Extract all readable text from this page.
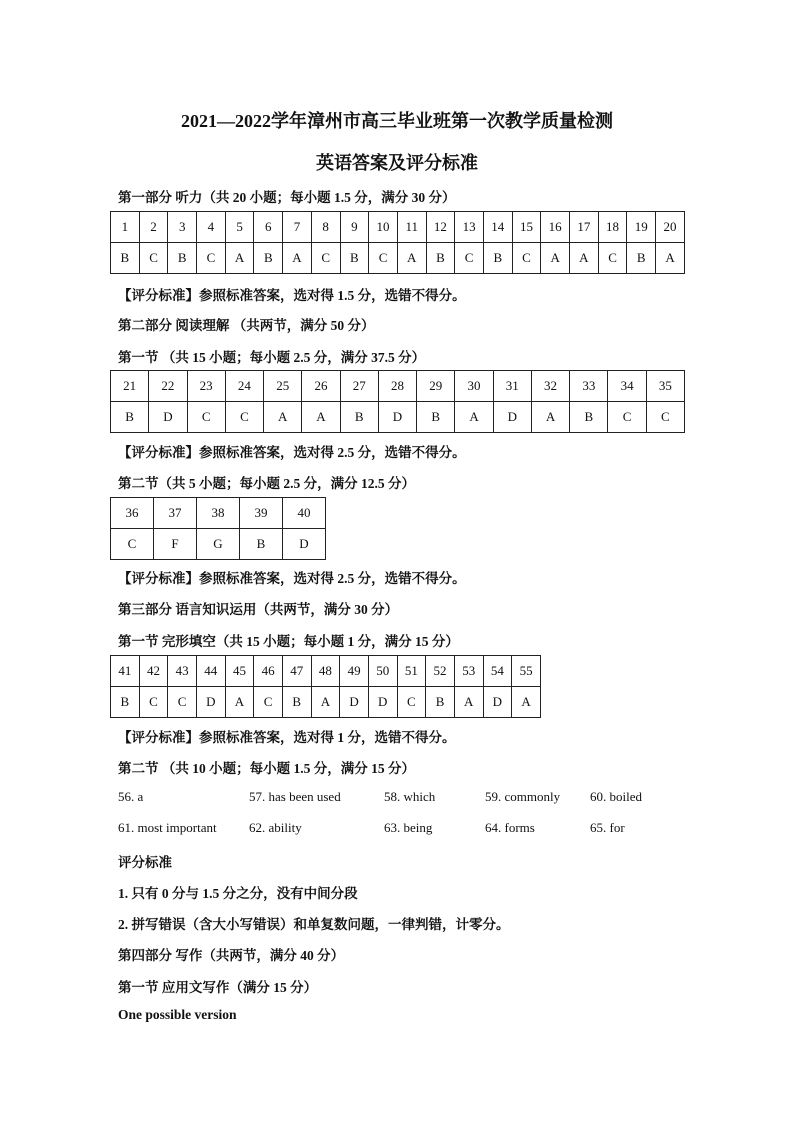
2021—2022学年漳州市高三毕业班第一次教学质量检测
英语答案及评分标准
第一部分 听力（共 20 小题；每小题 1.5 分，满分 30 分）
1	2	3	4	5	6	7	8	9	10	11	12	13	14	15	16	17	18	19	20
B	C	B	C	A	B	A	C	B	C	A	B	C	B	C	A	A	C	B	A
【评分标准】参照标准答案，选对得 1.5 分，选错不得分。
第二部分 阅读理解 （共两节，满分 50 分）
第一节 （共 15 小题；每小题 2.5 分，满分 37.5 分）
21	22	23	24	25	26	27	28	29	30	31	32	33	34	35
B	D	C	C	A	A	B	D	B	A	D	A	B	C	C
【评分标准】参照标准答案，选对得 2.5 分，选错不得分。
第二节（共 5 小题；每小题 2.5 分，满分 12.5 分）
36	37	38	39	40
C	F	G	B	D
【评分标准】参照标准答案，选对得 2.5 分，选错不得分。
第三部分 语言知识运用（共两节，满分 30 分）
第一节 完形填空（共 15 小题；每小题 1 分，满分 15 分）
41	42	43	44	45	46	47	48	49	50	51	52	53	54	55
B	C	C	D	A	C	B	A	D	D	C	B	A	D	A
【评分标准】参照标准答案，选对得 1 分，选错不得分。
第二节 （共 10 小题；每小题 1.5 分，满分 15 分）
56. a	57. has been used	58. which	59. commonly 60. boiled
61. most important 62. ability	63. being	64. forms	65. for
评分标准
1. 只有 0 分与 1.5 分之分，没有中间分段
2. 拼写错误（含大小写错误）和单复数问题，一律判错，计零分。
第四部分 写作（共两节，满分 40 分）
第一节 应用文写作（满分 15 分）
One possible version
